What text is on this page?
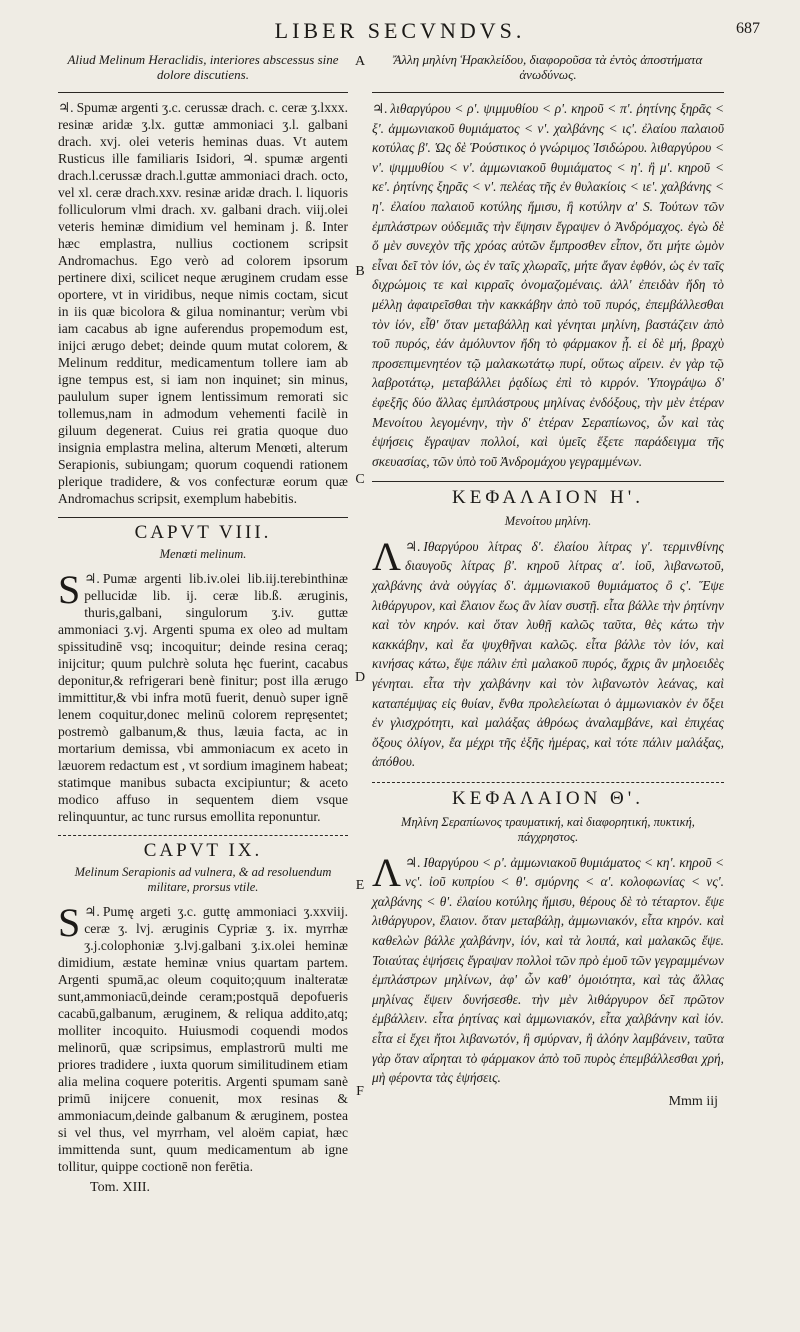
LIBER SECVNDVS.	687
A
B
C
D
E
F
Aliud Melinum Heraclidis, interiores abscessus sine dolore discutiens.
♃. Spumæ argenti ʒ.c. cerussæ drach. c. ceræ ʒ.lxxx. resinæ aridæ ʒ.lx. guttæ ammoniaci ʒ.l. galbani drach. xvj. olei veteris heminas duas. Vt autem Rusticus ille familiaris Isidori, ♃. spumæ argenti drach.l.cerussæ drach.l.guttæ ammoniaci drach. octo, vel xl. ceræ drach.xxv. resinæ aridæ drach. l. liquoris folliculorum vlmi drach. xv. galbani drach. viij.olei veteris heminæ dimidium vel heminam j. ß. Inter hæc emplastra, nullius coctionem scripsit Andromachus. Ego verò ad colorem ipsorum pertinere dixi, scilicet neque æruginem crudam esse oportere, vt in viridibus, neque nimis coctam, sicut in iis quæ bicolora & gilua nominantur; verùm vbi iam cacabus ab igne auferendus propemodum est, inijci ærugo debet; deinde quum mutat colorem, & Melinum redditur, medicamentum tollere iam ab igne tempus est, si iam non inquinet; sin minus, paululum super ignem lentissimum remorati sic tollemus,nam in admodum vehementi facilè in giluum degenerat. Cuius rei gratia quoque duo insignia emplastra melina, alterum Menœti, alterum Serapionis, subiungam; quorum coquendi rationem plerique tradidere, & vos confecturæ eorum quæ Andromachus scripsit, exemplum habebitis.
CAPVT VIII.
Menœti melinum.
♃.
S Pumæ argenti lib.iv.olei lib.iij.terebinthinæ pellucidæ lib. ij. ceræ lib.ß. æruginis, thuris,galbani, singulorum ʒ.iv. guttæ ammoniaci ʒ.vj. Argenti spuma ex oleo ad multam spissitudinē vsq; incoquitur; deinde resina ceraq; inijcitur; quum pulchrè soluta hęc fuerint, cacabus deponitur,& refrigerari benè finitur; post illa ærugo immittitur,& vbi infra motū fuerit, denuò super ignē lenem coquitur,donec melinū colorem repręsentet; postremò galbanum,& thus, læuia facta, ac in mortarium demissa, vbi ammoniacum ex aceto in læuorem redactum est , vt sordium imaginem habeat; statimque manibus subacta excipiuntur; & aceto modico affuso in sequentem diem vsque relinquuntur, ac tunc rursus emollita reponuntur.
CAPVT IX.
Melinum Serapionis ad vulnera, & ad resoluendum militare, prorsus vtile.
♃.
S Pumę argeti ʒ.c. guttę ammoniaci ʒ.xxviij. ceræ ʒ. lvj. æruginis Cypriæ ʒ. ix. myrrhæ ʒ.j.colophoniæ ʒ.lvj.galbani ʒ.ix.olei heminæ dimidium, æstate heminæ vnius quartam partem. Argenti spumā,ac oleum coquito;quum inalteratæ sunt,ammoniacū,deinde ceram;postquā depofueris cacabū,galbanum, æruginem, & reliqua addito,atq; molliter incoquito. Huiusmodi coquendi modos melinorū, quæ scripsimus, emplastrorū multi me priores tradidere , iuxta quorum similitudinem etiam alia melina coquere poteritis. Argenti spumam sanè primū inijcere conuenit, mox resinas & ammoniacum,deinde galbanum & æruginem, postea si vel thus, vel myrrham, vel aloëm capiat, hæc immittenda sunt, quum medicamentum ab igne tollitur, quippe coctionē non ferētia.
Tom. XIII.
Ἄλλη μηλίνη Ἡρακλείδου, διαφοροῦσα τὰ ἐντὸς ἀποστήματα ἀνωδύνως.
♃. λιθαργύρου < ρ'. ψιμμυθίου < ρ'. κηροῦ < π'. ῥητίνης ξηρᾶς < ξ'. ἀμμωνιακοῦ θυμιάματος < ν'. χαλβάνης < ις'. ἐλαίου παλαιοῦ κοτύλας β'. Ὡς δὲ Ῥούστικος ὁ γνώριμος Ἰσιδώρου. λιθαργύρου < ν'. ψιμμυθίου < ν'. ἀμμωνιακοῦ θυμιάματος < η'. ἢ μ'. κηροῦ < κε'. ῥητίνης ξηρᾶς < ν'. πελέας τῆς ἐν θυλακίοις < ιε'. χαλβάνης < η'. ἐλαίου παλαιοῦ κοτύλης ἥμισυ, ἢ κοτύλην α' S. Τούτων τῶν ἐμπλάστρων οὐδεμιᾶς τὴν ἕψησιν ἔγραψεν ὁ Ἀνδρόμαχος. ἐγὼ δὲ ὅ μὲν συνεχὸν τῆς χρόας αὐτῶν ἔμπροσθεν εἶπον, ὅτι μήτε ὠμὸν εἶναι δεῖ τὸν ἰόν, ὡς ἐν ταῖς χλωραῖς, μήτε ἄγαν ἑφθόν, ὡς ἐν ταῖς διχρώμοις τε καὶ κιρραῖς ὀνομαζομέναις. ἀλλ' ἐπειδὰν ἤδη τὸ μέλλῃ ἀφαιρεῖσθαι τὴν κακκάβην ἀπὸ τοῦ πυρός, ἐπεμβάλλεσθαι τὸν ἰόν, εἶθ' ὅταν μεταβάλλῃ καὶ γένηται μηλίνη, βαστάζειν ἀπὸ τοῦ πυρός, ἐάν ἀμόλυντον ἤδη τὸ φάρμακον ᾖ. εἰ δὲ μή, βραχὺ προσεπιμενητέον τῷ μαλακωτάτῳ πυρί, οὕτως αἴρειν. ἐν γὰρ τῷ λαβροτάτῳ, μεταβάλλει ῥᾳδίως ἐπὶ τὸ κιρρόν. Ὑπογράψω δ' ἐφεξῆς δύο ἄλλας ἐμπλάστρους μηλίνας ἐνδόξους, τὴν μὲν ἑτέραν Μενοίτου λεγομένην, τὴν δ' ἑτέραν Σεραπίωνος, ὧν καὶ τὰς ἑψήσεις ἔγραψαν πολλοί, καὶ ὑμεῖς ἕξετε παράδειγμα τῆς σκευασίας, τῶν ὑπὸ τοῦ Ἀνδρομάχου γεγραμμένων.
ΚΕΦΑΛΑΙΟΝ Η'.
Μενοίτου μηλίνη.
♃.
Λ Ιθαργύρου λίτρας δ'. ἐλαίου λίτρας γ'. τερμινθίνης διαυγοῦς λίτρας β'. κηροῦ λίτρας α'. ἰοῦ, λιβανωτοῦ, χαλβάνης ἀνὰ οὐγγίας δ'. ἀμμωνιακοῦ θυμιάματος ὂ ς'. Ἕψε λιθάργυρον, καὶ ἔλαιον ἕως ἂν λίαν συστῇ. εἶτα βάλλε τὴν ῥητίνην καὶ τὸν κηρόν. καὶ ὅταν λυθῇ καλῶς ταῦτα, θὲς κάτω τὴν κακκάβην, καὶ ἔα ψυχθῆναι καλῶς. εἶτα βάλλε τὸν ἰόν, καὶ κινήσας κάτω, ἕψε πάλιν ἐπὶ μαλακοῦ πυρός, ἄχρις ἂν μηλοειδὲς γένηται. εἶτα τὴν χαλβάνην καὶ τὸν λιβανωτὸν λεάνας, καὶ καταπέμψας εἰς θυίαν, ἔνθα προλελείωται ὁ ἀμμωνιακὸν ἐν ὄξει ἐν γλισχρότητι, καὶ μαλάξας ἀθρόως ἀναλαμβάνε, καὶ ἐπιχέας ὄξους ὀλίγον, ἔα μέχρι τῆς ἑξῆς ἡμέρας, καὶ τότε πάλιν μαλάξας, ἀπόθου.
ΚΕΦΑΛΑΙΟΝ Θ'.
Μηλίνη Σεραπίωνος τραυματική, καὶ διαφορητική, πυκτική, πάγχρηστος.
♃.
Λ Ιθαργύρου < ρ'. ἀμμωνιακοῦ θυμιάματος < κη'. κηροῦ < νς'. ἰοῦ κυπρίου < θ'. σμύρνης < α'. κολοφωνίας < νς'. χαλβάνης < θ'. ἐλαίου κοτύλης ἥμισυ, θέρους δὲ τὸ τέταρτον. ἕψε λιθάργυρον, ἔλαιον. ὅταν μεταβάλῃ, ἀμμωνιακόν, εἶτα κηρόν. καὶ καθελὼν βάλλε χαλβάνην, ἰόν, καὶ τὰ λοιπά, καὶ μαλακῶς ἕψε. Τοιαύτας ἑψήσεις ἔγραψαν πολλοὶ τῶν πρὸ ἐμοῦ τῶν γεγραμμένων ἐμπλάστρων μηλίνων, ἀφ' ὧν καθ' ὁμοιότητα, καὶ τὰς ἄλλας μηλίνας ἕψειν δυνήσεσθε. τὴν μὲν λιθάργυρον δεῖ πρῶτον ἐμβάλλειν. εἶτα ῥητίνας καὶ ἀμμωνιακόν, εἶτα χαλβάνην καὶ ἰόν. εἶτα εἰ ἔχει ἤτοι λιβανωτόν, ἢ σμύρναν, ἢ ἀλόην λαμβάνειν, ταῦτα γὰρ ὅταν αἴρηται τὸ φάρμακον ἀπὸ τοῦ πυρὸς ἐπεμβάλλεσθαι χρή, μὴ φέροντα τὰς ἑψήσεις.
Mmm iij
